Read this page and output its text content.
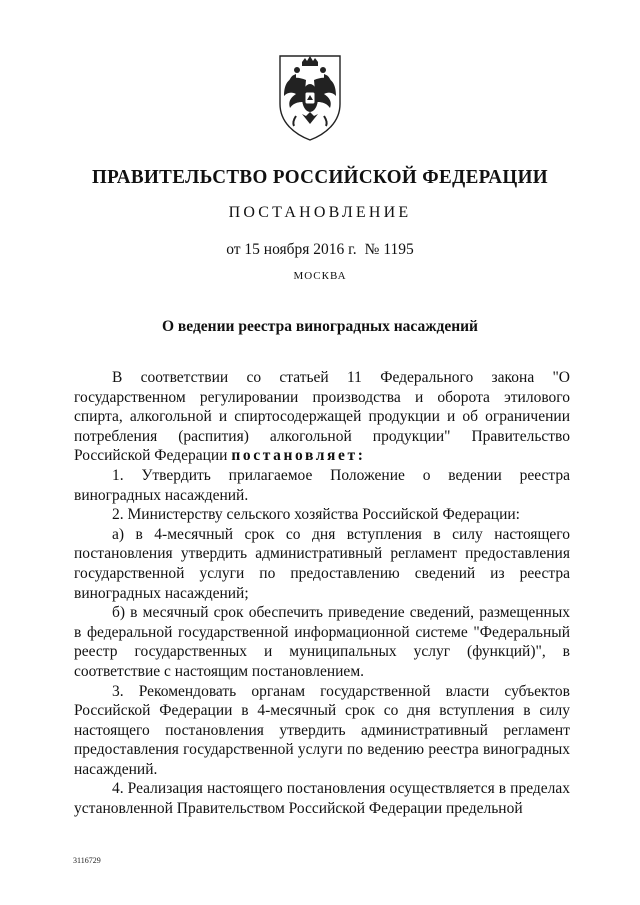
ПРАВИТЕЛЬСТВО РОССИЙСКОЙ ФЕДЕРАЦИИ
ПОСТАНОВЛЕНИЕ
от 15 ноября 2016 г. № 1195
МОСКВА
О ведении реестра виноградных насаждений

В соответствии со статьей 11 Федерального закона "О государственном регулировании производства и оборота этилового спирта, алкогольной и спиртосодержащей продукции и об ограничении потребления (распития) алкогольной продукции" Правительство Российской Федерации постановляет:

1. Утвердить прилагаемое Положение о ведении реестра виноградных насаждений.

2. Министерству сельского хозяйства Российской Федерации:

а) в 4-месячный срок со дня вступления в силу настоящего постановления утвердить административный регламент предоставления государственной услуги по предоставлению сведений из реестра виноградных насаждений;

б) в месячный срок обеспечить приведение сведений, размещенных в федеральной государственной информационной системе "Федеральный реестр государственных и муниципальных услуг (функций)", в соответствие с настоящим постановлением.

3. Рекомендовать органам государственной власти субъектов Российской Федерации в 4-месячный срок со дня вступления в силу настоящего постановления утвердить административный регламент предоставления государственной услуги по ведению реестра виноградных насаждений.

4. Реализация настоящего постановления осуществляется в пределах установленной Правительством Российской Федерации предельной

3116729
